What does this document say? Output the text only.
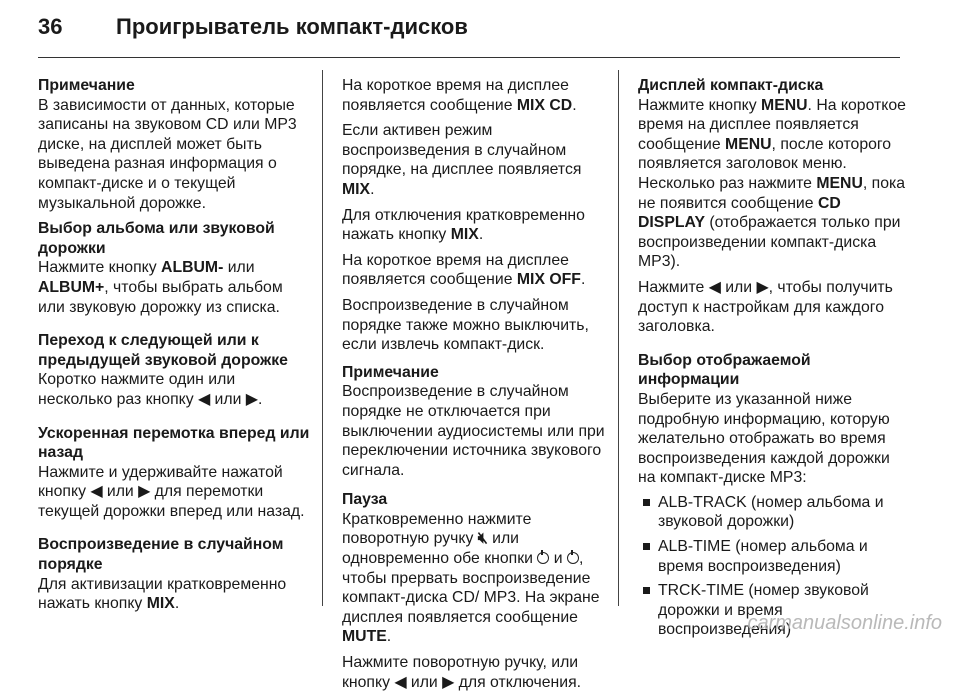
36 Проигрыватель компакт-дисков
Примечание
В зависимости от данных, которые записаны на звуковом CD или MP3 диске, на дисплей может быть выведена разная информация о компакт-диске и о текущей музыкальной дорожке.
Выбор альбома или звуковой дорожки
Нажмите кнопку ALBUM- или ALBUM+, чтобы выбрать альбом или звуковую дорожку из списка.
Переход к следующей или к предыдущей звуковой дорожке
Коротко нажмите один или несколько раз кнопку ◀ или ▶.
Ускоренная перемотка вперед или назад
Нажмите и удерживайте нажатой кнопку ◀ или ▶ для перемотки текущей дорожки вперед или назад.
Воспроизведение в случайном порядке
Для активизации кратковременно нажать кнопку MIX.

На короткое время на дисплее появляется сообщение MIX CD.

Если активен режим воспроизведения в случайном порядке, на дисплее появляется MIX.

Для отключения кратковременно нажать кнопку MIX.

На короткое время на дисплее появляется сообщение MIX OFF.

Воспроизведение в случайном порядке также можно выключить, если извлечь компакт-диск.

Примечание
Воспроизведение в случайном порядке не отключается при выключении аудиосистемы или при переключении источника звукового сигнала.
Пауза

Кратковременно нажмите поворотную ручку 🔇︎ или одновременно обе кнопки  и , чтобы прервать воспроизведение компакт-диска CD/ MP3. На экране дисплея появляется сообщение MUTE.

Нажмите поворотную ручку, или кнопку ◀ или ▶ для отключения.

Дисплей компакт-диска

Нажмите кнопку MENU. На короткое время на дисплее появляется сообщение MENU, после которого появляется заголовок меню. Несколько раз нажмите MENU, пока не появится сообщение CD DISPLAY (отображается только при воспроизведении компакт-диска MP3).

Нажмите ◀ или ▶, чтобы получить доступ к настройкам для каждого заголовка.

Выбор отображаемой информации
Выберите из указанной ниже подробную информацию, которую желательно отображать во время воспроизведения каждой дорожки на компакт-диске MP3:
ALB-TRACK (номер альбома и звуковой дорожки)
ALB-TIME (номер альбома и время воспроизведения)
TRCK-TIME (номер звуковой дорожки и время воспроизведения)
carmanualsonline.info
